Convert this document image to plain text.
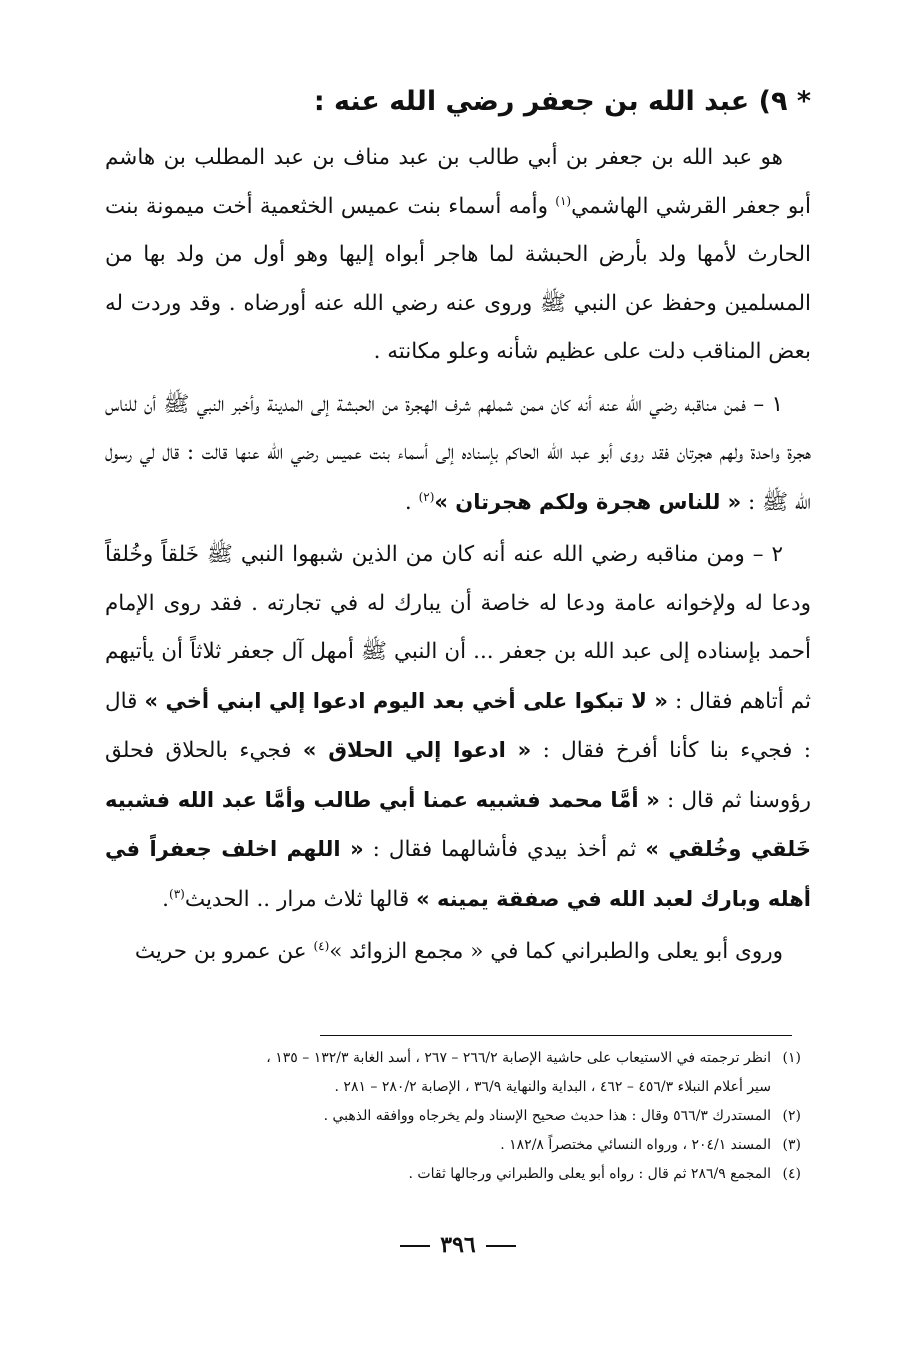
* ٩) عبد الله بن جعفر رضي الله عنه :

هو عبد الله بن جعفر بن أبي طالب بن عبد مناف بن عبد المطلب بن هاشم أبو جعفر القرشي الهاشمي$^{(١)}$ وأمه أسماء بنت عميس الخثعمية أخت ميمونة بنت الحارث لأمها ولد بأرض الحبشة لما هاجر أبواه إليها وهو أول من ولد بها من المسلمين وحفظ عن النبي ﷺ وروى عنه رضي الله عنه أورضاه . وقد وردت له بعض المناقب دلت على عظيم شأنه وعلو مكانته .

١ – فمن مناقبه رضي الله عنه أنه كان ممن شملهم شرف الهجرة من الحبشة إلى المدينة وأخبر النبي ﷺ أن للناس هجرة واحدة ولهم هجرتان فقد روى أبو عبد الله الحاكم بإسناده إلى أسماء بنت عميس رضي الله عنها قالت : قال لي رسول الله ﷺ : « للناس هجرة ولكم هجرتان »$^{(٢)}$ .

٢ – ومن مناقبه رضي الله عنه أنه كان من الذين شبهوا النبي ﷺ خَلقاً وخُلقاً ودعا له ولإخوانه عامة ودعا له خاصة أن يبارك له في تجارته . فقد روى الإمام أحمد بإسناده إلى عبد الله بن جعفر ... أن النبي ﷺ أمهل آل جعفر ثلاثاً أن يأتيهم ثم أتاهم فقال : « لا تبكوا على أخي بعد اليوم ادعوا إلي ابني أخي » قال : فجيء بنا كأنا أفرخ فقال : « ادعوا إلي الحلاق » فجيء بالحلاق فحلق رؤوسنا ثم قال : « أمَّا محمد فشبيه عمنا أبي طالب وأمَّا عبد الله فشبيه خَلقي وخُلقي » ثم أخذ بيدي فأشالهما فقال : « اللهم اخلف جعفراً في أهله وبارك لعبد الله في صفقة يمينه » قالها ثلاث مرار .. الحديث$^{(٣)}$.

وروى أبو يعلى والطبراني كما في « مجمع الزوائد »$^{(٤)}$ عن عمرو بن حريث

(١)انظر ترجمته في الاستيعاب على حاشية الإصابة ٢٦٦/٢ – ٢٦٧ ، أسد الغابة ١٣٢/٣ – ١٣٥ ،

سير أعلام النبلاء ٤٥٦/٣ – ٤٦٢ ، البداية والنهاية ٣٦/٩ ، الإصابة ٢٨٠/٢ – ٢٨١ .

(٢)المستدرك ٥٦٦/٣ وقال : هذا حديث صحيح الإسناد ولم يخرجاه ووافقه الذهبي .

(٣)المسند ٢٠٤/١ ، ورواه النسائي مختصراً ١٨٢/٨ .

(٤)المجمع ٢٨٦/٩ ثم قال : رواه أبو يعلى والطبراني ورجالها ثقات .

٣٩٦
